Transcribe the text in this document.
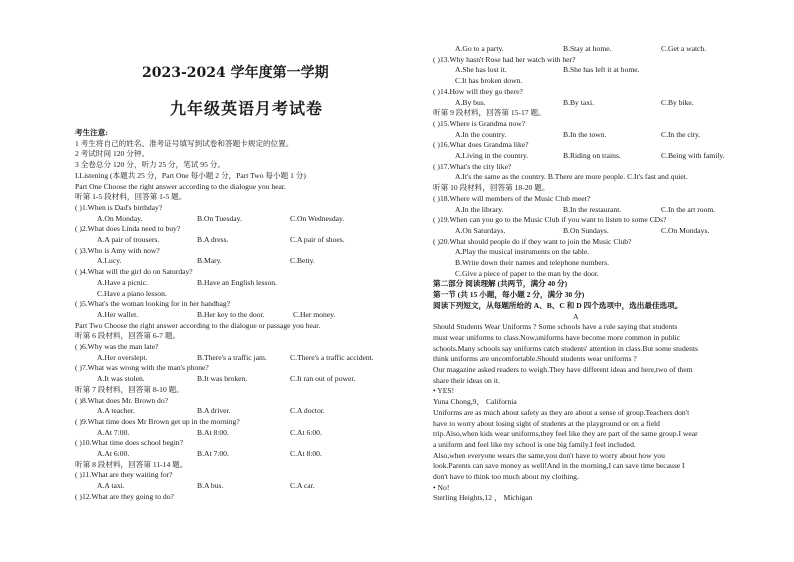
2023-2024 学年度第一学期
九年级英语月考试卷
考生注意:
1 考生将自己的姓名、准考证号填写到试卷和答题卡规定的位置。
2 考试时间 120 分钟。
3 全卷总分 120 分，听力 25 分，笔试 95 分。
I.Listening (本题共 25 分，Part One 每小题 2 分，Part Two 每小题 1 分)
Part One Choose the right answer according to the dialogue you hear.
听第 1-5 段材料，回答第 1-5 题。
( )1.When is Dad's birthday?
A.On Monday.	B.On Tuesday.	C.On Wednesday.
( )2.What does Linda need to buy?
A.A pair of trousers.	B.A dress.	C.A pair of shoes.
( )3.Who is Amy with now?
A.Lucy.	B.Mary.	C.Betty.
( )4.What will the girl do on Saturday?
A.Have a picnic.	B.Have an English lesson.
C.Have a piano lesson.
( )5.What's the woman looking for in her handbag?
A.Her wallet.	B.Her key to the door.	C.Her money.
Part Two Choose the right answer according to the dialogue or passage you hear.
听第 6 段材料，回答第 6-7 题。
( )6.Why was the man late?
A.Her overslept.	B.There's a traffic jam.	C.There's a traffic accident.
( )7.What was wrong with the man's phone?
A.It was stolen.	B.It was broken.	C.It ran out of power.
听第 7 段材料，回答第 8-10 题。
( )8.What does Mr. Brown do?
A.A teacher.	B.A driver.	C.A doctor.
( )9.What time does Mr Brown get up in the morning?
A.At 7:00.	B.At 8:00.	C.At 6:00.
( )10.What time does school begin?
A.At 6:00.	B.At 7:00.	C.At 8:00.
听第 8 段材料，回答第 11-14 题。
( )11.What are they waiting for?
A.A taxi.	B.A bus.	C.A car.
( )12.What are they going to do?
A.Go to a party.	B.Stay at home.	C.Get a watch.
( )13.Why hasn't Rose had her watch with her?
A.She has lost it.	B.She has left it at home.
C.It has broken down.
( )14.How will they go there?
A.By bus.	B.By taxi.	C.By bike.
听第 9 段材料，回答第 15-17 题。
( )15.Where is Grandma now?
A.In the country.	B.In the town.	C.In the city.
( )16.What does Grandma like?
A.Living in the country.	B.Riding on trains.	C.Being with family.
( )17.What's the city like?
A.It's the same as the country. B.There are more people. C.It's fast and quiet.
听第 10 段材料，回答第 18-20 题。
( )18.Where will members of the Music Club meet?
A.In the library.	B.In the restaurant.	C.In the art room.
( )19.When can you go to the Music Club if you want to listen to some CDs?
A.On Saturdays.	B.On Sundays.	C.On Mondays.
( )20.What should people do if they want to join the Music Club?
A.Play the musical instruments on the table.
B.Write down their names and telephone numbers.
C.Give a piece of paper to the man by the door.
第二部分 阅读理解 (共两节，满分 40 分)
第一节 (共 15 小题，每小题 2 分，满分 30 分)
阅读下列短文，从每题所给的 A、B、C 和 D 四个选项中，选出最佳选项。
A
Should Students Wear Uniforms ? Some schools have a rule saying that students
must wear uniforms to class.Now,uniforms have become more common in public
schools.Many schools say uniforms catch students' attention in class.But some students
think uniforms are uncomfortable.Should students wear uniforms ?
Our magazine asked readers to weigh.They have different ideas and here,two of them
share their ideas on it.
• YES!
Yuna Chong,9， California
Uniforms are as much about safety as they are about a sense of group.Teachers don't
have to worry about losing sight of students at the playground or on a field
trip.Also,when kids wear uniforms,they feel like they are part of the same group.I wear
a uniform and feel like my school is one big family.I feel included.
Also,when everyone wears the same,you don't have to worry about how you
look.Parents can save money as well!And in the morning,I can save time because I
don't have to think too much about my clothing.
• No!
Sterling Heights,12 ， Michigan
